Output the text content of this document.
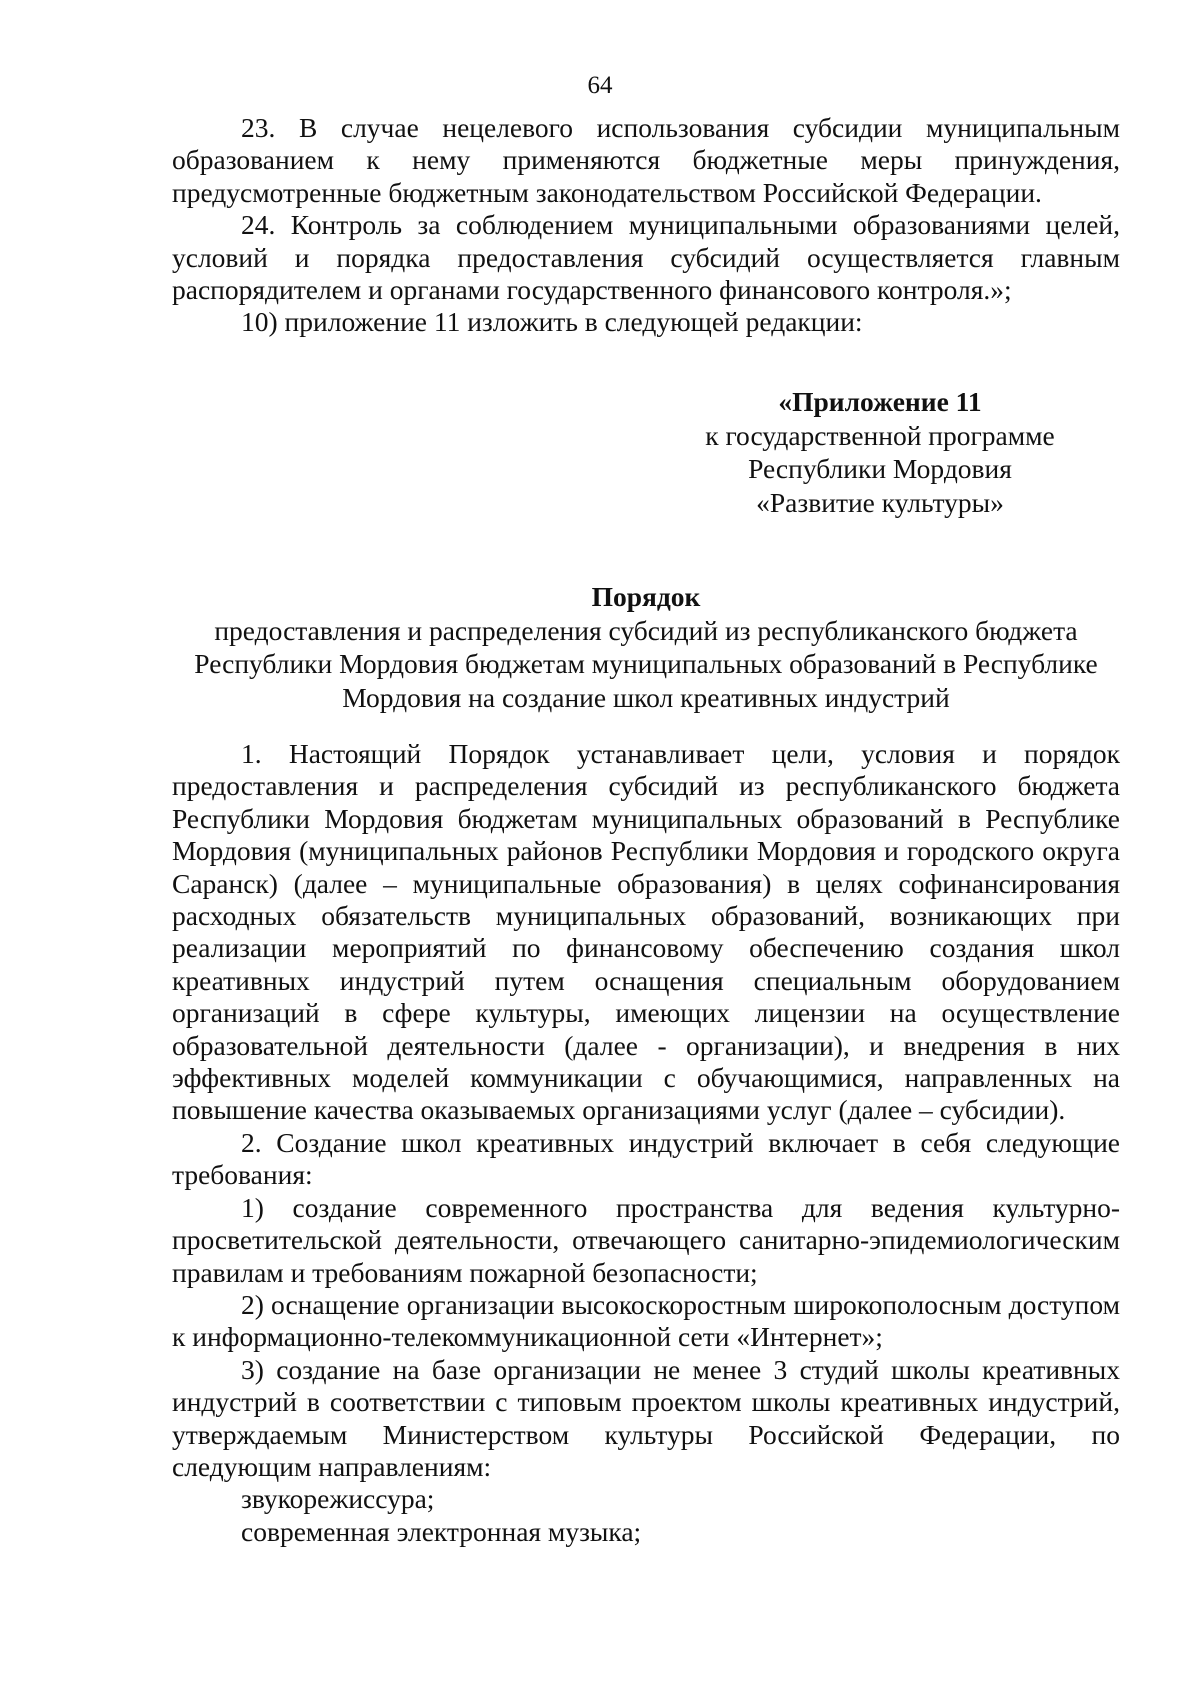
64

23. В случае нецелевого использования субсидии муниципальным образованием к нему применяются бюджетные меры принуждения, предусмотренные бюджетным законодательством Российской Федерации.

24. Контроль за соблюдением муниципальными образованиями целей, условий и порядка предоставления субсидий осуществляется главным распорядителем и органами государственного финансового контроля.»;

10) приложение 11 изложить в следующей редакции:

«Приложение 11
к государственной программе
Республики Мордовия
«Развитие культуры»
Порядок
предоставления и распределения субсидий из республиканского бюджета
Республики Мордовия бюджетам муниципальных образований в Республике
Мордовия на создание школ креативных индустрий

1. Настоящий Порядок устанавливает цели, условия и порядок предоставления и распределения субсидий из республиканского бюджета Республики Мордовия бюджетам муниципальных образований в Республике Мордовия (муниципальных районов Республики Мордовия и городского округа Саранск) (далее – муниципальные образования) в целях софинансирования расходных обязательств муниципальных образований, возникающих при реализации мероприятий по финансовому обеспечению создания школ креативных индустрий путем оснащения специальным оборудованием организаций в сфере культуры, имеющих лицензии на осуществление образовательной деятельности (далее - организации), и внедрения в них эффективных моделей коммуникации с обучающимися, направленных на повышение качества оказываемых организациями услуг (далее – субсидии).

2. Создание школ креативных индустрий включает в себя следующие требования:

1) создание современного пространства для ведения культурно-просветительской деятельности, отвечающего санитарно-эпидемиологическим правилам и требованиям пожарной безопасности;

2) оснащение организации высокоскоростным широкополосным доступом к информационно-телекоммуникационной сети «Интернет»;

3) создание на базе организации не менее 3 студий школы креативных индустрий в соответствии с типовым проектом школы креативных индустрий, утверждаемым Министерством культуры Российской Федерации, по следующим направлениям:

звукорежиссура;

современная электронная музыка;
